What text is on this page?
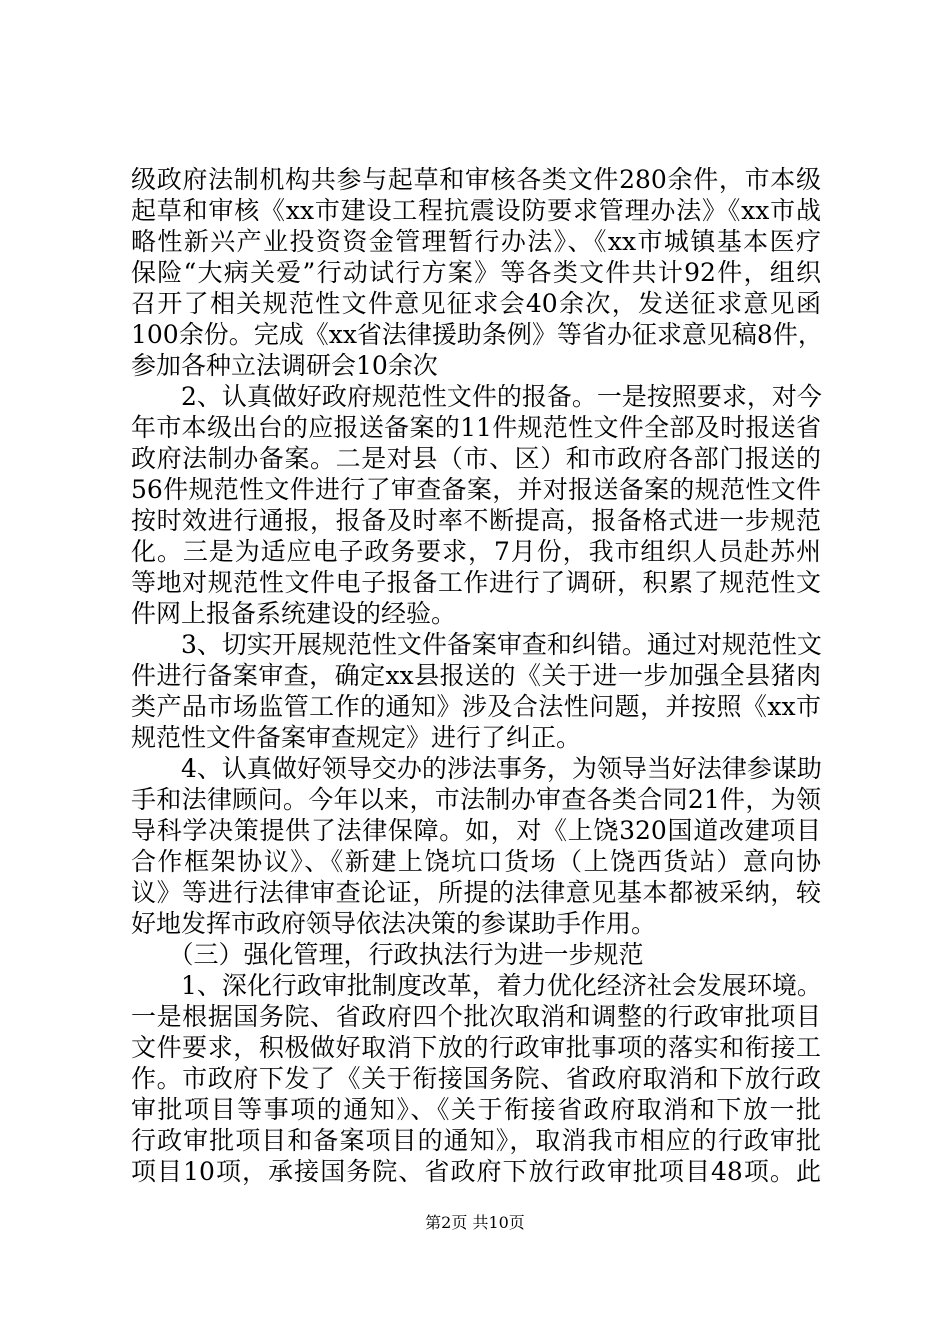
级政府法制机构共参与起草和审核各类文件280余件，市本级
起草和审核《xx市建设工程抗震设防要求管理办法》《xx市战
略性新兴产业投资资金管理暂行办法》、《xx市城镇基本医疗
保险“大病关爱”行动试行方案》等各类文件共计92件，组织
召开了相关规范性文件意见征求会40余次，发送征求意见函
100余份。完成《xx省法律援助条例》等省办征求意见稿8件，
参加各种立法调研会10余次
　　2、认真做好政府规范性文件的报备。一是按照要求，对今
年市本级出台的应报送备案的11件规范性文件全部及时报送省
政府法制办备案。二是对县（市、区）和市政府各部门报送的
56件规范性文件进行了审查备案，并对报送备案的规范性文件
按时效进行通报，报备及时率不断提高，报备格式进一步规范
化。三是为适应电子政务要求，7月份，我市组织人员赴苏州
等地对规范性文件电子报备工作进行了调研，积累了规范性文
件网上报备系统建设的经验。
　　3、切实开展规范性文件备案审查和纠错。通过对规范性文
件进行备案审查，确定xx县报送的《关于进一步加强全县猪肉
类产品市场监管工作的通知》涉及合法性问题，并按照《xx市
规范性文件备案审查规定》进行了纠正。
　　4、认真做好领导交办的涉法事务，为领导当好法律参谋助
手和法律顾问。今年以来，市法制办审查各类合同21件，为领
导科学决策提供了法律保障。如，对《上饶320国道改建项目
合作框架协议》、《新建上饶坑口货场（上饶西货站）意向协
议》等进行法律审查论证，所提的法律意见基本都被采纳，较
好地发挥市政府领导依法决策的参谋助手作用。
　　（三）强化管理，行政执法行为进一步规范
　　1、深化行政审批制度改革，着力优化经济社会发展环境。
一是根据国务院、省政府四个批次取消和调整的行政审批项目
文件要求，积极做好取消下放的行政审批事项的落实和衔接工
作。市政府下发了《关于衔接国务院、省政府取消和下放行政
审批项目等事项的通知》、《关于衔接省政府取消和下放一批
行政审批项目和备案项目的通知》，取消我市相应的行政审批
项目10项，承接国务院、省政府下放行政审批项目48项。此
第2页 共10页
